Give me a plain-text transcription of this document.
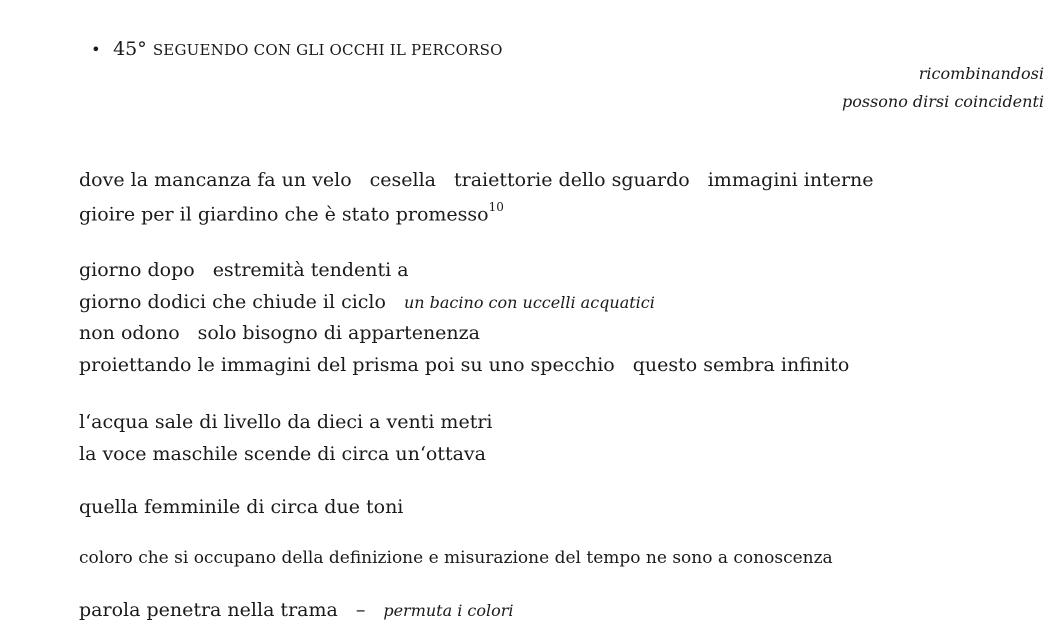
• 45° SEGUENDO CON GLI OCCHI IL PERCORSO

ricombinandosi
possono dirsi coincidenti
dove la mancanza fa un velo cesella traiettorie dello sguardo immagini interne
gioire per il giardino che è stato promesso$^{10}$
giorno dopo estremità tendenti a
giorno dodici che chiude il ciclo un bacino con uccelli acquatici
non odono solo bisogno di appartenenza
proiettando le immagini del prisma poi su uno specchio questo sembra infinito
l‘acqua sale di livello da dieci a venti metri
la voce maschile scende di circa un‘ottava
quella femminile di circa due toni
coloro che si occupano della definizione e misurazione del tempo ne sono a conoscenza
parola penetra nella trama – permuta i colori
